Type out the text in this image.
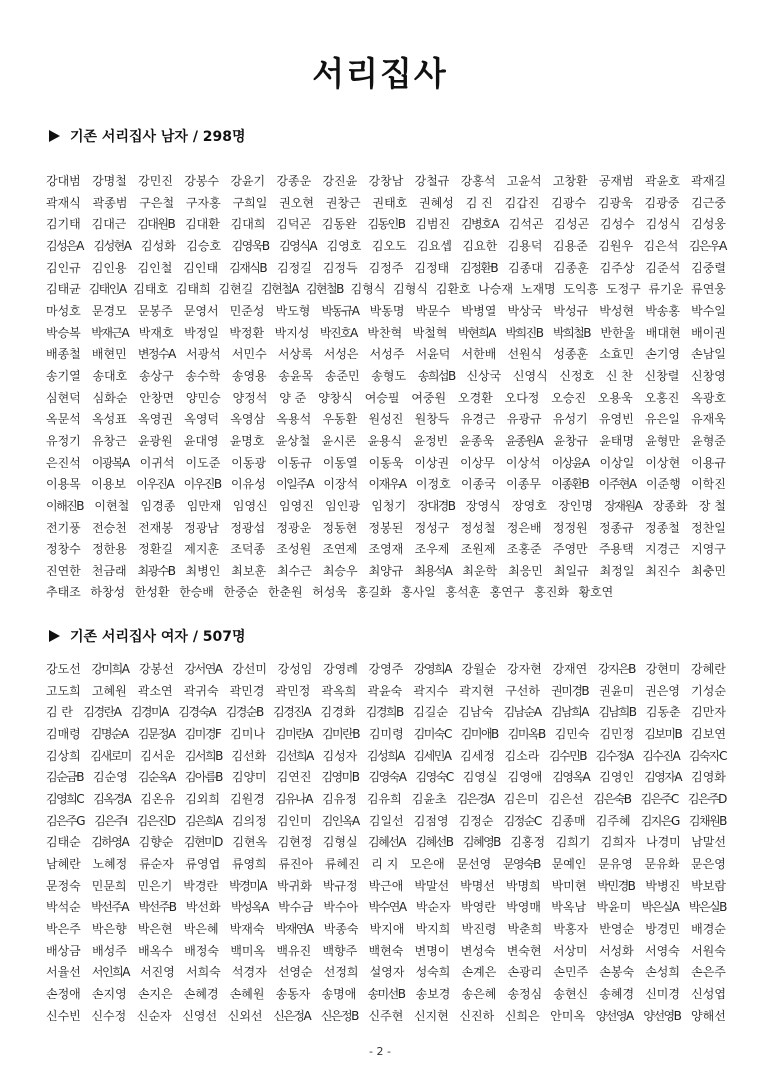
서리집사
기존 서리집사 남자 / 298명
강대범 강명철 강민진 강봉수 강윤기 강종운 강진윤 강창남 강철규 강홍석 고윤석 고창환 공재범 곽윤호 곽재길
곽재식 곽종범 구은철 구자홍 구희일 권오현 권창근 권태호 권혜성 김 진 김갑진 김광수 김광욱 김광중 김근중
김기태 김대근 김대원B 김대환 김대희 김덕곤 김동완 김동인B 김범진 김병호A 김석곤 김성곤 김성수 김성식 김성웅
김성은A 김성현A 김성화 김승호 김영욱B 김영식A 김영호 김오도 김요셉 김요한 김용덕 김용준 김원우 김은석 김은우A
김인규 김인용 김인철 김인태 김재식B 김정길 김정득 김정주 김정태 김정환B 김종대 김종훈 김주상 김준석 김중렬
김태균 김태인A 김태호 김태희 김현길 김현철A 김현철B 김형식 김형식 김환호 나승재 노재명 도익흥 도정구 류기운 류연웅
마성호 문경모 문봉주 문영서 민준성 박도형 박동규A 박동명 박문수 박병열 박상국 박성규 박성현 박송홍 박수일
박승복 박재근A 박재호 박정일 박정환 박지성 박진호A 박찬혁 박철혁 박현희A 박희진B 박희철B 반한울 배대현 배이권
배종철 배현민 변정수A 서광석 서민수 서상록 서성은 서성주 서윤덕 서한배 선원식 성종훈 소효민 손기영 손남일
송기열 송대호 송상구 송수학 송영용 송윤목 송준민 송형도 송희섭B 신상국 신영식 신정호 신 찬 신창렬 신창영
심현덕 심화순 안창면 양민승 양정석 양 준 양창식 여승필 여중원 오경환 오다정 오승진 오용욱 오홍진 옥광호
옥문석 옥성표 옥영권 옥영덕 옥영삼 옥용석 우동환 원성진 원창득 유경근 유광규 유성기 유영빈 유은일 유재욱
유정기 유창근 윤광원 윤대영 윤명호 윤상철 윤시론 윤용식 윤정빈 윤종욱 윤종원A 윤창규 윤태명 윤형만 윤형준
은진석 이광복A 이귀석 이도준 이동광 이동규 이동열 이동욱 이상권 이상무 이상석 이상윤A 이상일 이상현 이용규
이용목 이용보 이우진A 이우진B 이유성 이일주A 이장석 이재우A 이정호 이종국 이종무 이종환B 이주현A 이준행 이학진
이해진B 이현철 임경종 임만재 임영신 임영진 임인광 임청기 장대경B 장영식 장영호 장인명 장재원A 장종화 장 철
전기풍 전승천 전재봉 정광남 정광섭 정광운 정동현 정봉된 정성구 정성철 정은배 정정원 정종규 정종철 정찬일
정창수 정한용 정환길 제지훈 조덕종 조성원 조연제 조영재 조우제 조원제 조홍준 주영만 주용택 지경근 지영구
진연한 천금래 최광수B 최병인 최보훈 최수근 최승우 최양규 최용석A 최운학 최응민 최일규 최정일 최진수 최충민
추태조 하창성 한성환 한승배 한중순 한춘원 허성욱 홍길화 홍사일 홍석훈 홍연구 홍진화 황호연
기존 서리집사 여자 / 507명
강도선 강미희A 강봉선 강서연A 강선미 강성임 강영례 강영주 강영희A 강월순 강자현 강재연 강지은B 강현미 강혜란
고도희 고혜원 곽소연 곽귀숙 곽민경 곽민정 곽옥희 곽윤숙 곽지수 곽지현 구선하 권미경B 권윤미 권은영 기성순
김 란 김경란A 김경미A 김경숙A 김경순B 김경진A 김경화 김경희B 김길순 김남숙 김남순A 김남희A 김남희B 김동춘 김만자
김매령 김명순A 김문정A 김미경F 김미나 김미란A 김미란B 김미령 김미숙C 김미애B 김미옥B 김민숙 김민정 김보미B 김보연
김상희 김새로미 김서운 김서희B 김선화 김선희A 김성자 김성희A 김세민A 김세정 김소라 김수민B 김수정A 김수진A 김숙자C
김순금B 김순영 김순옥A 김아름B 김양미 김연진 김영미B 김영숙A 김영숙C 김영실 김영애 김영옥A 김영인 김영자A 김영화
김영희C 김옥경A 김온유 김외희 김원경 김유나A 김유정 김유희 김윤초 김은경A 김은미 김은선 김은숙B 김은주C 김은주D
김은주G 김은주I 김은진D 김은희A 김의정 김인미 김인옥A 김일선 김점영 김정순 김정순C 김종매 김주혜 김지은G 김채원B
김태순 김하영A 김향순 김현미D 김현옥 김현정 김형실 김혜선A 김혜선B 김혜영B 김홍정 김희기 김희자 나경미 남말선
남혜란 노혜정 류순자 류영엽 류영희 류진아 류혜진 리 지 모은애 문선영 문영숙B 문예인 문유영 문유화 문은영
문정숙 민문희 민은기 박경란 박경미A 박귀화 박규정 박근애 박말선 박명선 박명희 박미현 박민경B 박병진 박보람
박석순 박선주A 박선주B 박선화 박성옥A 박수금 박수아 박수연A 박순자 박영란 박영매 박옥남 박윤미 박은실A 박은실B
박은주 박은향 박은현 박은혜 박재숙 박재연A 박종숙 박지애 박지희 박진령 박춘희 박홍자 반영순 방경민 배경순
배상금 배성주 배옥수 배정숙 백미옥 백유진 백향주 백현숙 변명이 변성숙 변숙현 서상미 서성화 서영숙 서원숙
서율선 서인희A 서진영 서희숙 석경자 선영순 선정희 설영자 성숙희 손계은 손광리 손민주 손봉숙 손성희 손은주
손정애 손지영 손지은 손혜경 손혜원 송동자 송명애 송미선B 송보경 송은혜 송정심 송현신 송혜경 신미경 신성엽
신수빈 신수정 신순자 신영선 신외선 신은정A 신은정B 신주현 신지현 신진하 신희은 안미옥 양선영A 양선영B 양해선
- 2 -
